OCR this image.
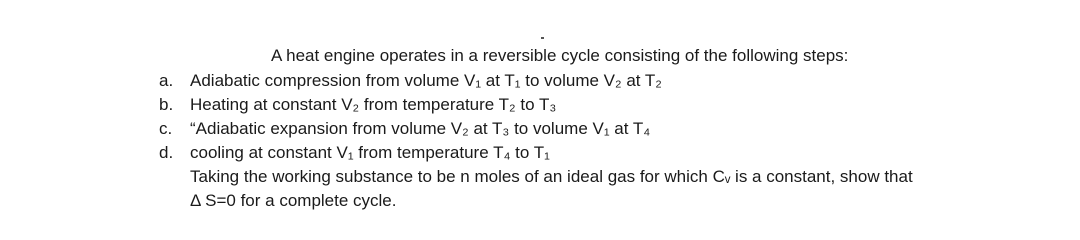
A heat engine operates in a reversible cycle consisting of the following steps:
a. Adiabatic compression from volume V₁ at T₁ to volume V₂ at T₂
b. Heating at constant V₂ from temperature T₂ to T₃
c. “Adiabatic expansion from volume V₂ at T₃ to volume V₁ at T₄
d. cooling at constant V₁ from temperature T₄ to T₁
Taking the working substance to be n moles of an ideal gas for which Cᵥ is a constant, show that
Δ S=0 for a complete cycle.
